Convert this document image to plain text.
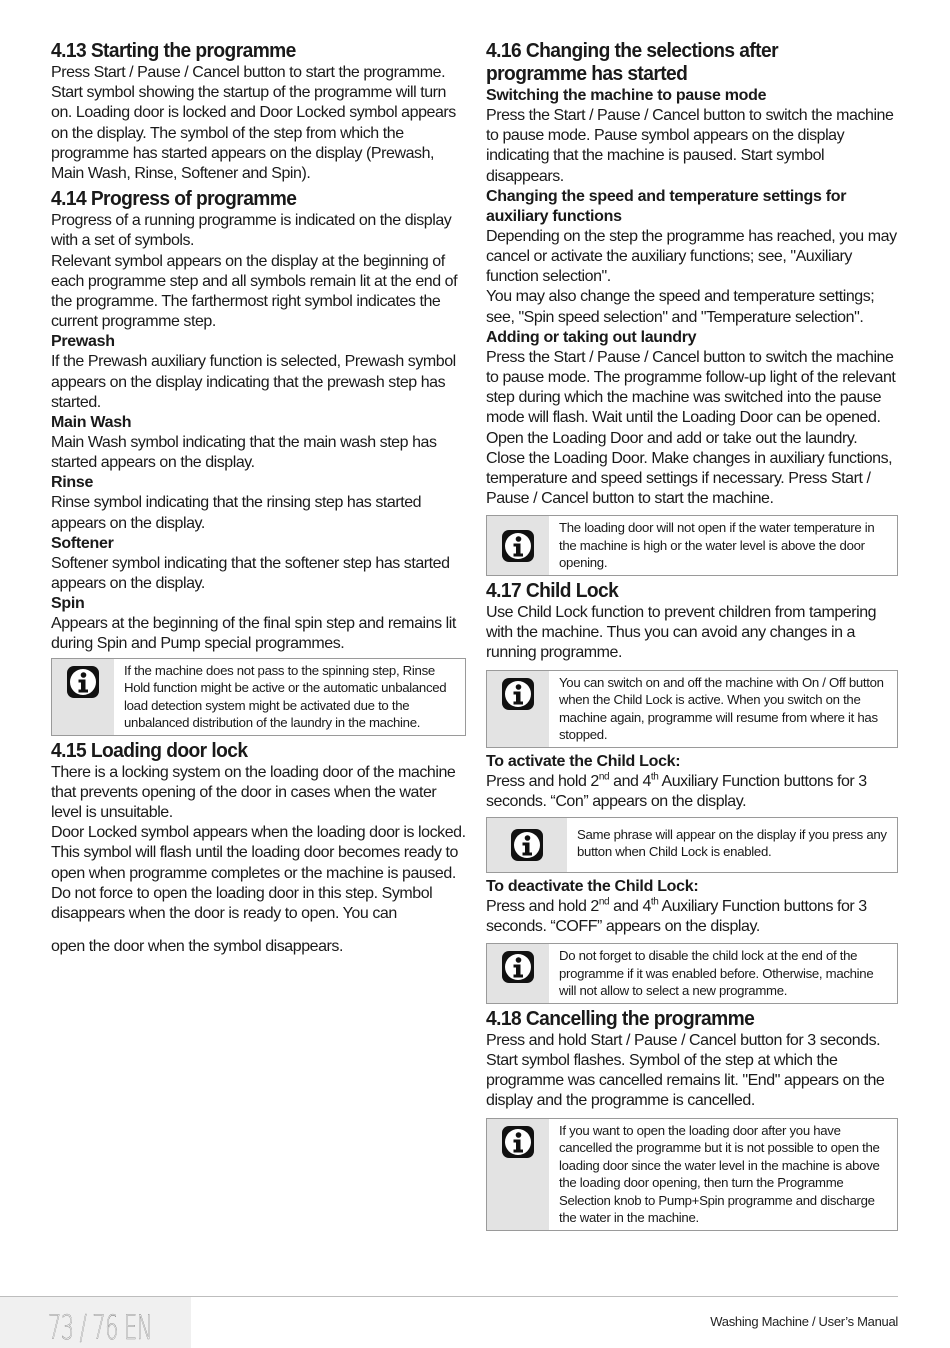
4.13 Starting the programme

Press Start / Pause / Cancel button to start the programme. Start symbol showing the startup of the programme will turn on. Loading door is locked and Door Locked symbol appears on the display. The symbol of the step from which the programme has started appears on the display (Prewash, Main Wash, Rinse, Softener and Spin).

4.14 Progress of programme

Progress of a running programme is indicated on the display with a set of symbols.

Relevant symbol appears on the display at the beginning of each programme step and all symbols remain lit at the end of the programme. The farthermost right symbol indicates the current programme step.

Prewash

If the Prewash auxiliary function is selected, Prewash symbol appears on the display indicating that the prewash step has started.

Main Wash

Main Wash symbol indicating that the main wash step has started appears on the display.

Rinse

Rinse symbol indicating that the rinsing step has started appears on the display.

Softener

Softener symbol indicating that the softener step has started appears on the display.

Spin

Appears at the beginning of the final spin step and remains lit during Spin and Pump special programmes.

If the machine does not pass to the spinning step, Rinse Hold function might be active or the automatic unbalanced load detection system might be activated due to the unbalanced distribution of the laundry in the machine.
4.15 Loading door lock

There is a locking system on the loading door of the machine that prevents opening of the door in cases when the water level is unsuitable.

Door Locked symbol appears when the loading door is locked. This symbol will flash until the loading door becomes ready to open when programme completes or the machine is paused. Do not force to open the loading door in this step. Symbol disappears when the door is ready to open. You can

open the door when the symbol disappears.

4.16 Changing the selections after programme has started
Switching the machine to pause mode

Press the Start / Pause / Cancel button to switch the machine to pause mode. Pause symbol appears on the display indicating that the machine is paused. Start symbol disappears.

Changing the speed and temperature settings for auxiliary functions

Depending on the step the programme has reached, you may cancel or activate the auxiliary functions; see, "Auxiliary function selection".

You may also change the speed and temperature settings; see, "Spin speed selection" and "Temperature selection".

Adding or taking out laundry

Press the Start / Pause / Cancel button to switch the machine to pause mode. The programme follow-up light of the relevant step during which the machine was switched into the pause mode will flash. Wait until the Loading Door can be opened. Open the Loading Door and add or take out the laundry. Close the Loading Door. Make changes in auxiliary functions, temperature and speed settings if necessary. Press Start / Pause / Cancel button to start the machine.

The loading door will not open if the water temperature in the machine is high or the water level is above the door opening.
4.17 Child Lock

Use Child Lock function to prevent children from tampering with the machine. Thus you can avoid any changes in a running programme.

You can switch on and off the machine with On / Off button when the Child Lock is active. When you switch on the machine again, programme will resume from where it has stopped.
To activate the Child Lock:

Press and hold 2nd and 4th Auxiliary Function buttons for 3 seconds. “Con” appears on the display.

Same phrase will appear on the display if you press any button when Child Lock is enabled.
To deactivate the Child Lock:

Press and hold 2nd and 4th Auxiliary Function buttons for 3 seconds. “COFF” appears on the display.

Do not forget to disable the child lock at the end of the programme if it was enabled before. Otherwise, machine will not allow to select a new programme.
4.18 Cancelling the programme

Press and hold Start / Pause / Cancel button for 3 seconds. Start symbol flashes. Symbol of the step at which the programme was cancelled remains lit. "End" appears on the display and the programme is cancelled.

If you want to open the loading door after you have cancelled the programme but it is not possible to open the loading door since the water level in the machine is above the loading door opening, then turn the Programme Selection knob to Pump+Spin programme and discharge the water in the machine.
73 / 76 EN	Washing Machine / User’s Manual
